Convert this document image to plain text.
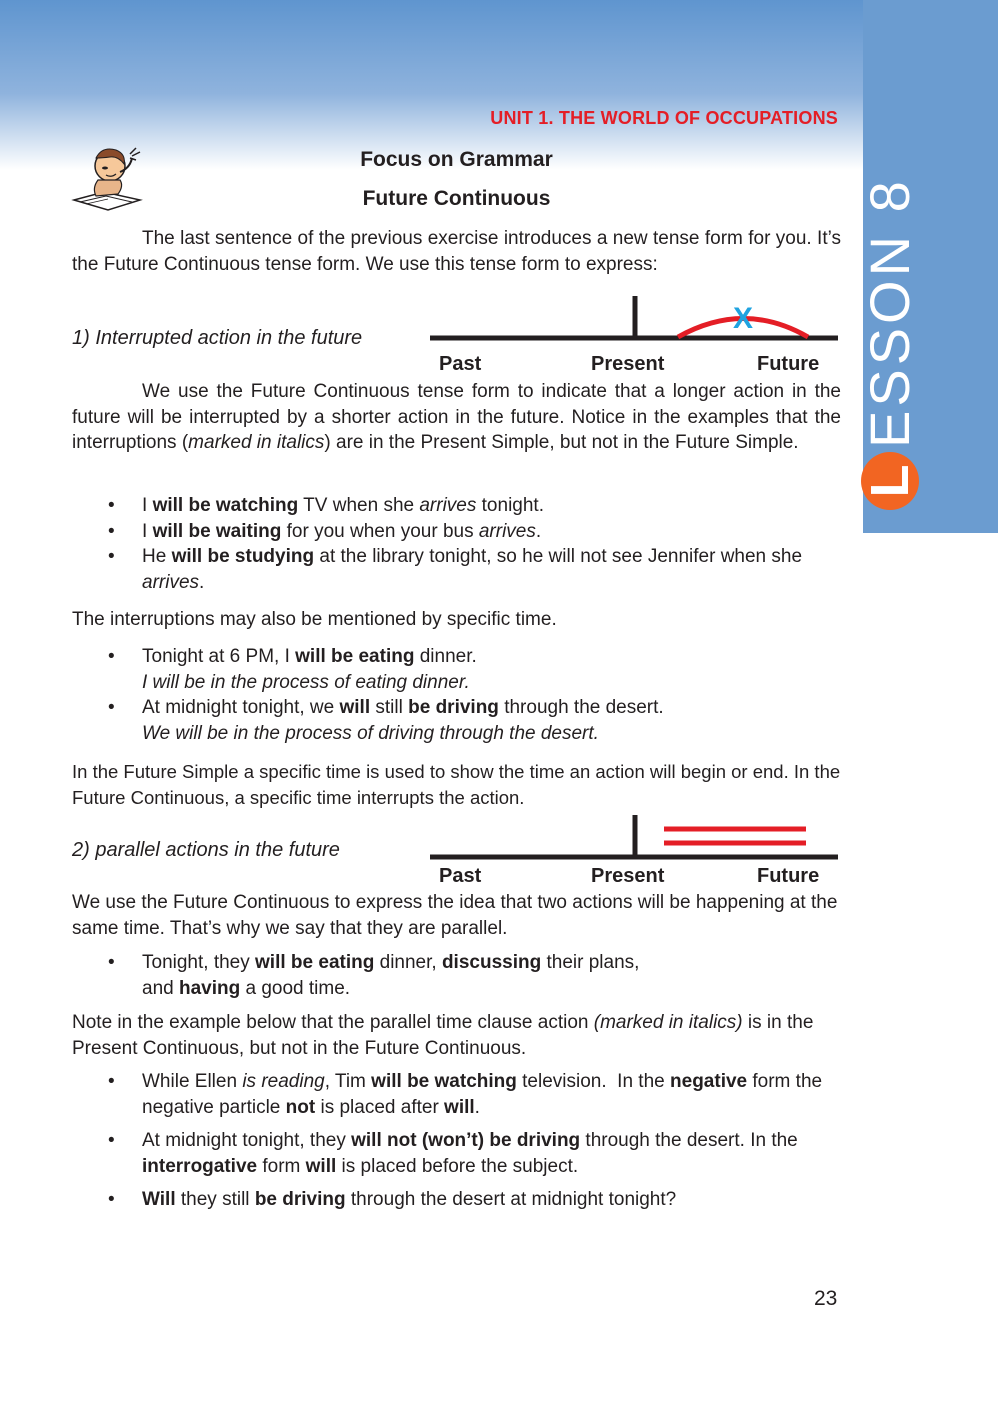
L
ESSON 8
UNIT 1. THE WORLD OF OCCUPATIONS
Focus on Grammar
Future Continuous
The last sentence of the previous exercise introduces a new tense form for you. It’s the Future Continuous tense form. We use this tense form to express:
1) Interrupted action in the future
X
Past	Present	Future
We use the Future Continuous tense form to indicate that a longer action in the future will be interrupted by a shorter action in the future. Notice in the examples that the interruptions (marked in italics) are in the Present Simple, but not in the Future Simple.
• I will be watching TV when she arrives tonight.
• I will be waiting for you when your bus arrives.
• He will be studying at the library tonight, so he will not see Jennifer when she arrives.
The interruptions may also be mentioned by specific time.
• Tonight at 6 PM, I will be eating dinner.
I will be in the process of eating dinner.
• At midnight tonight, we will still be driving through the desert.
We will be in the process of driving through the desert.
In the Future Simple a specific time is used to show the time an action will begin or end. In the Future Continuous, a specific time interrupts the action.
2) parallel actions in the future
Past	Present	Future
We use the Future Continuous to express the idea that two actions will be happening at the same time. That’s why we say that they are parallel.
• Tonight, they will be eating dinner, discussing their plans,
and having a good time.
Note in the example below that the parallel time clause action (marked in italics) is in the Present Continuous, but not in the Future Continuous.
• While Ellen is reading, Tim will be watching television.  In the negative form the negative particle not is placed after will.
• At midnight tonight, they will not (won’t) be driving through the desert. In the interrogative form will is placed before the subject.
• Will they still be driving through the desert at midnight tonight?
23
